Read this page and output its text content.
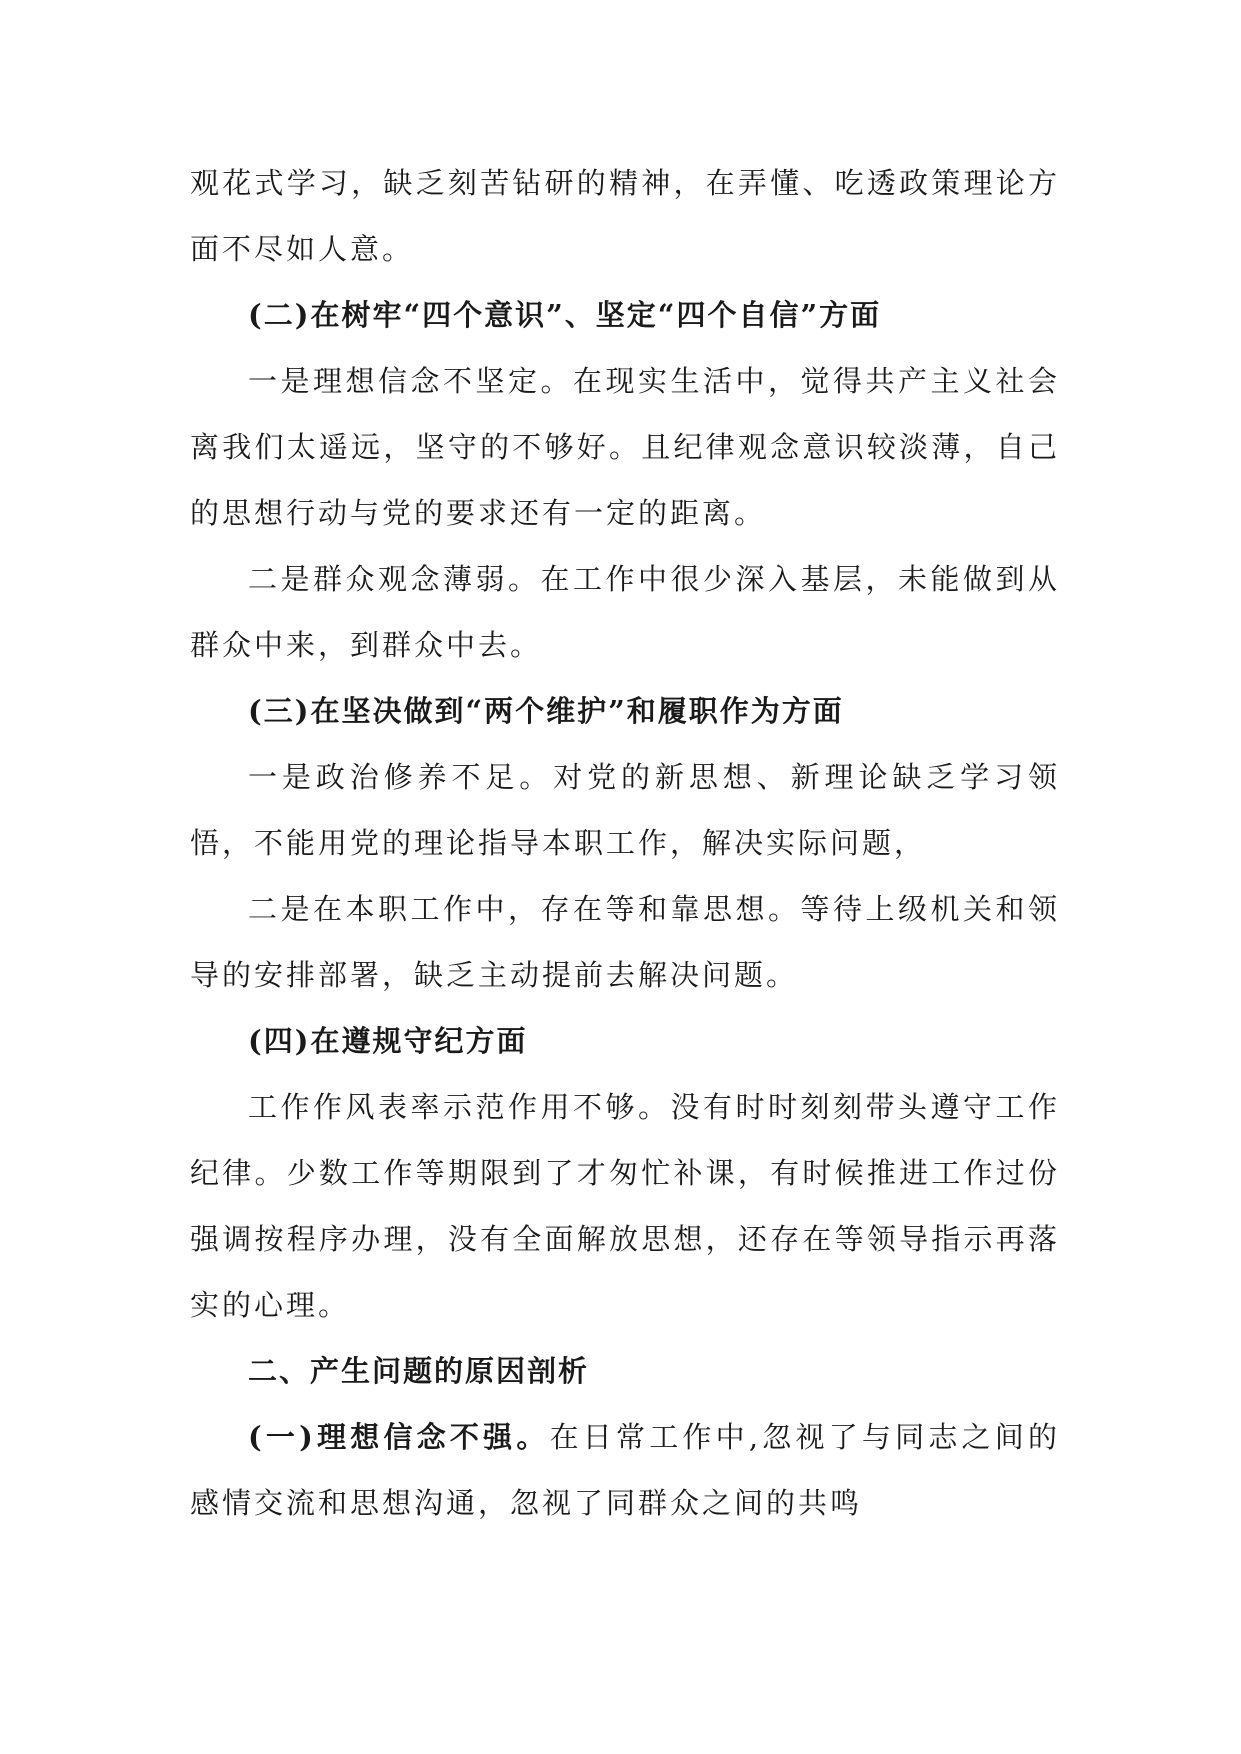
观花式学习，缺乏刻苦钻研的精神，在弄懂、吃透政策理论方面不尽如人意。

(二)在树牢“四个意识”、坚定“四个自信”方面

一是理想信念不坚定。在现实生活中，觉得共产主义社会离我们太遥远，坚守的不够好。且纪律观念意识较淡薄，自己的思想行动与党的要求还有一定的距离。

二是群众观念薄弱。在工作中很少深入基层，未能做到从群众中来，到群众中去。

(三)在坚决做到“两个维护”和履职作为方面

一是政治修养不足。对党的新思想、新理论缺乏学习领悟，不能用党的理论指导本职工作，解决实际问题，

二是在本职工作中，存在等和靠思想。等待上级机关和领导的安排部署，缺乏主动提前去解决问题。

(四)在遵规守纪方面

工作作风表率示范作用不够。没有时时刻刻带头遵守工作纪律。少数工作等期限到了才匆忙补课，有时候推进工作过份强调按程序办理，没有全面解放思想，还存在等领导指示再落实的心理。

二、产生问题的原因剖析

(一)理想信念不强。在日常工作中,忽视了与同志之间的感情交流和思想沟通，忽视了同群众之间的共鸣
